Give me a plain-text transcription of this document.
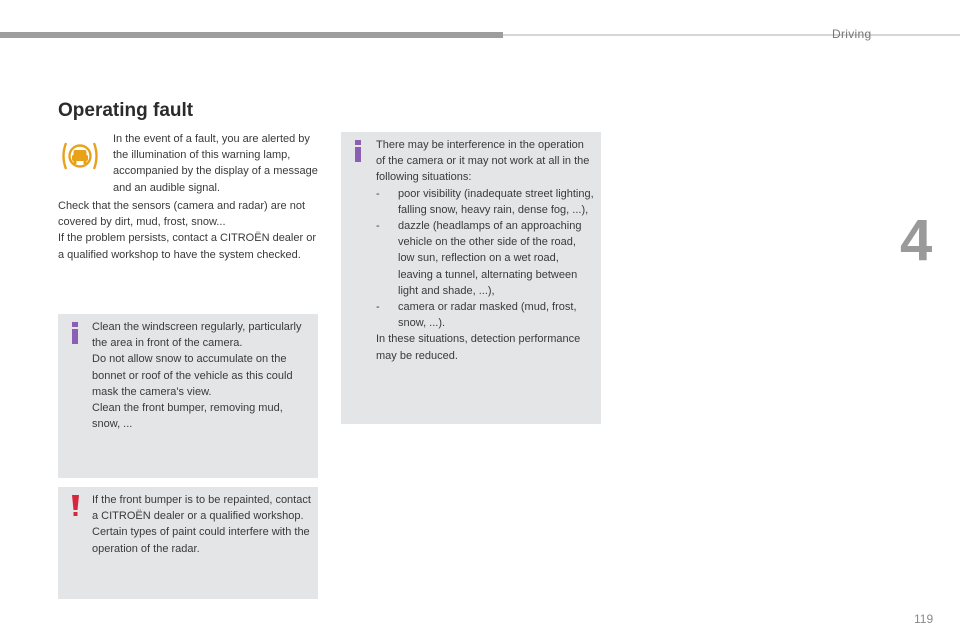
Driving
4
Operating fault

In the event of a fault, you are alerted by the illumination of this warning lamp, accompanied by the display of a message and an audible signal.

Check that the sensors (camera and radar) are not covered by dirt, mud, frost, snow...
If the problem persists, contact a CITROËN dealer or a qualified workshop to have the system checked.
Clean the windscreen regularly, particularly the area in front of the camera.
Do not allow snow to accumulate on the bonnet or roof of the vehicle as this could mask the camera's view.
Clean the front bumper, removing mud, snow, ...
If the front bumper is to be repainted, contact a CITROËN dealer or a qualified workshop. Certain types of paint could interfere with the operation of the radar.
There may be interference in the operation of the camera or it may not work at all in the following situations:
- poor visibility (inadequate street lighting, falling snow, heavy rain, dense fog, ...),
- dazzle (headlamps of an approaching vehicle on the other side of the road, low sun, reflection on a wet road, leaving a tunnel, alternating between light and shade, ...),
- camera or radar masked (mud, frost, snow, ...).
In these situations, detection performance may be reduced.
119
